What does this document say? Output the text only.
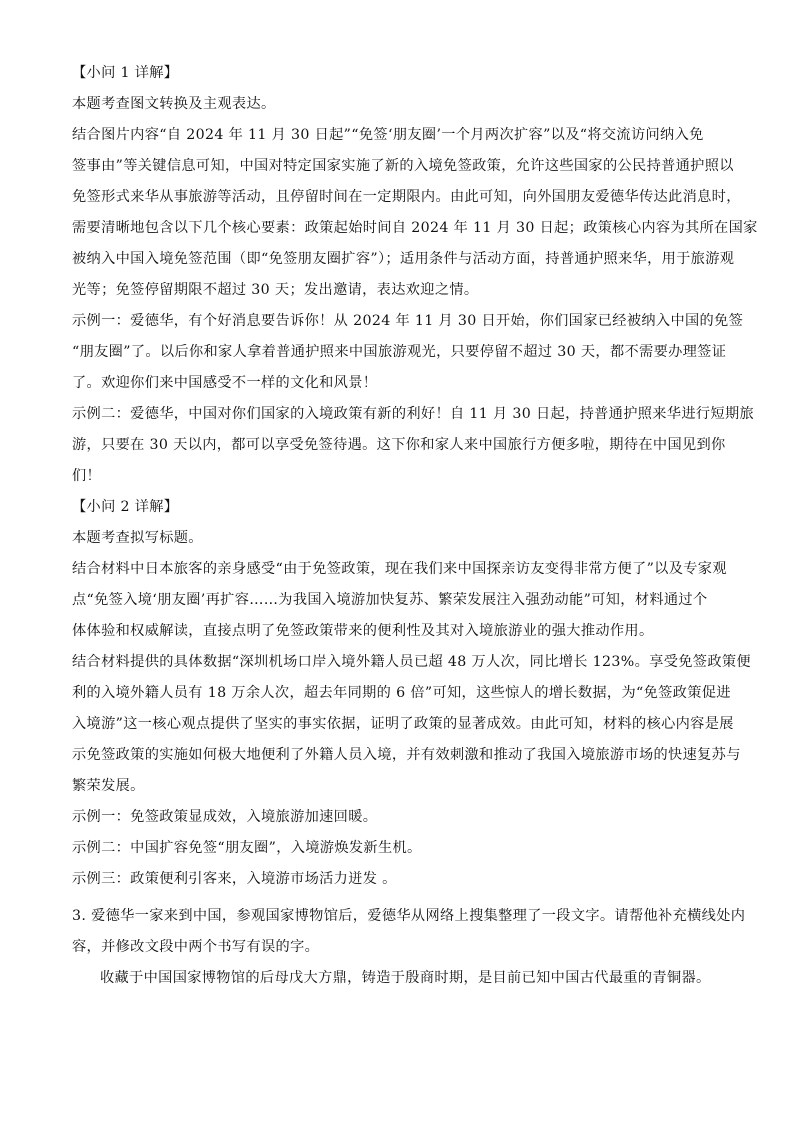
【小问 1 详解】

本题考查图文转换及主观表达。

结合图片内容“自 2024 年 11 月 30 日起”“免签‘朋友圈’一个月两次扩容”以及“将交流访问纳入免

签事由”等关键信息可知，中国对特定国家实施了新的入境免签政策，允许这些国家的公民持普通护照以

免签形式来华从事旅游等活动，且停留时间在一定期限内。由此可知，向外国朋友爱德华传达此消息时，

需要清晰地包含以下几个核心要素：政策起始时间自 2024 年 11 月 30 日起；政策核心内容为其所在国家

被纳入中国入境免签范围（即“免签朋友圈扩容”）；适用条件与活动方面，持普通护照来华，用于旅游观

光等；免签停留期限不超过 30 天；发出邀请，表达欢迎之情。

示例一：爱德华，有个好消息要告诉你！从 2024 年 11 月 30 日开始，你们国家已经被纳入中国的免签

“朋友圈”了。以后你和家人拿着普通护照来中国旅游观光，只要停留不超过 30 天，都不需要办理签证

了。欢迎你们来中国感受不一样的文化和风景！

示例二：爱德华，中国对你们国家的入境政策有新的利好！自 11 月 30 日起，持普通护照来华进行短期旅

游，只要在 30 天以内，都可以享受免签待遇。这下你和家人来中国旅行方便多啦，期待在中国见到你

们！

【小问 2 详解】

本题考查拟写标题。

结合材料中日本旅客的亲身感受“由于免签政策，现在我们来中国探亲访友变得非常方便了”以及专家观

点“免签入境‘朋友圈’再扩容……为我国入境游加快复苏、繁荣发展注入强劲动能”可知，材料通过个

体体验和权威解读，直接点明了免签政策带来的便利性及其对入境旅游业的强大推动作用。

结合材料提供的具体数据“深圳机场口岸入境外籍人员已超 48 万人次，同比增长 123%。享受免签政策便

利的入境外籍人员有 18 万余人次，超去年同期的 6 倍”可知，这些惊人的增长数据，为“免签政策促进

入境游”这一核心观点提供了坚实的事实依据，证明了政策的显著成效。由此可知，材料的核心内容是展

示免签政策的实施如何极大地便利了外籍人员入境，并有效刺激和推动了我国入境旅游市场的快速复苏与

繁荣发展。

示例一：免签政策显成效，入境旅游加速回暖。

示例二：中国扩容免签“朋友圈”，入境游焕发新生机。

示例三：政策便利引客来，入境游市场活力迸发 。

3. 爱德华一家来到中国，参观国家博物馆后，爱德华从网络上搜集整理了一段文字。请帮他补充横线处内

容，并修改文段中两个书写有误的字。

收藏于中国国家博物馆的后母戊大方鼎，铸造于殷商时期，是目前已知中国古代最重的青铜器。
